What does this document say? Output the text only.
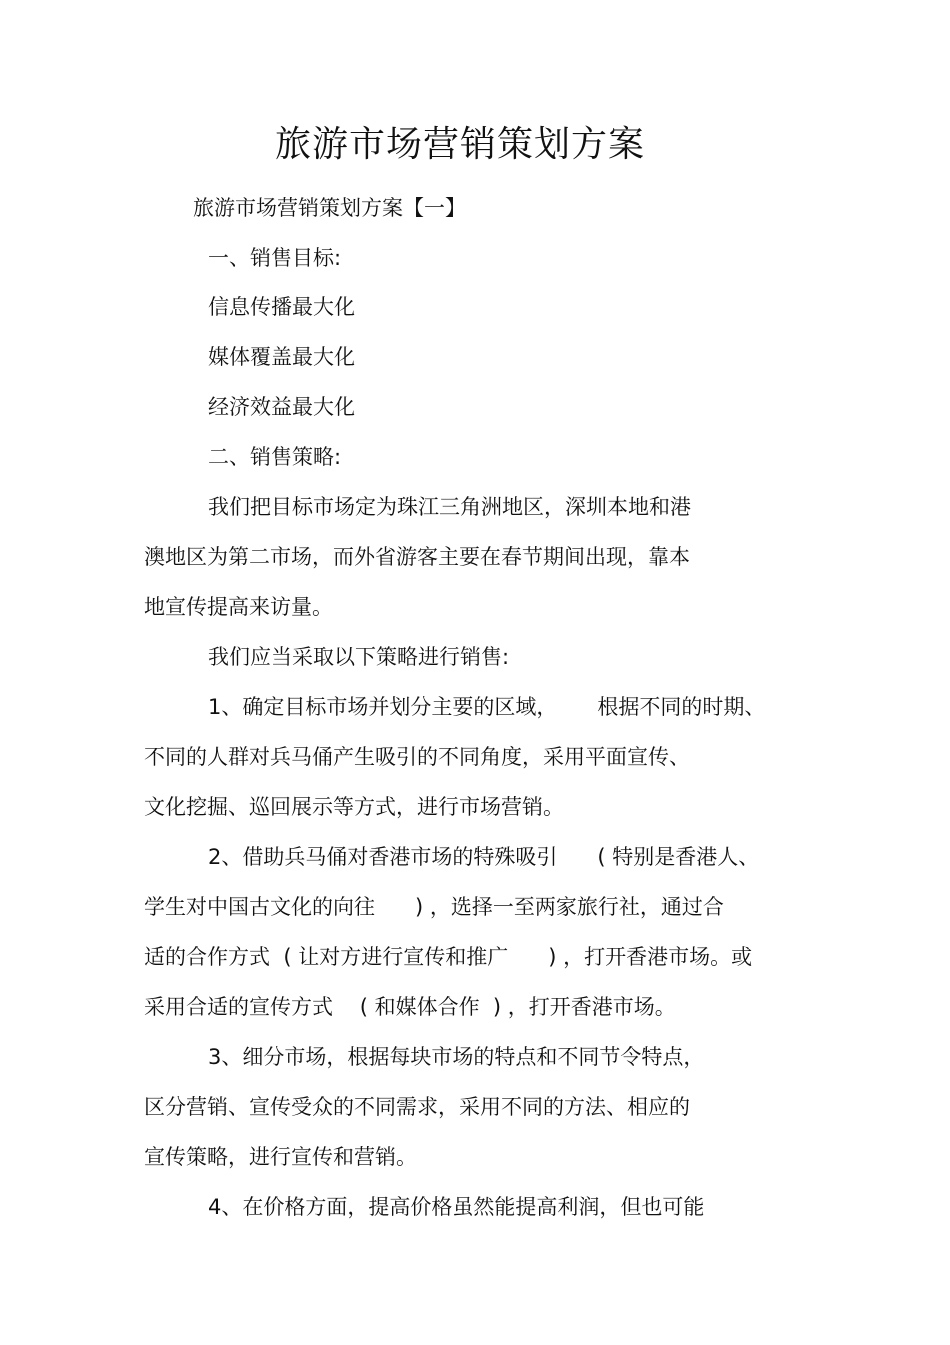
旅游市场营销策划方案
旅游市场营销策划方案【一】
一、销售目标:
信息传播最大化
媒体覆盖最大化
经济效益最大化
二、销售策略:
我们把目标市场定为珠江三角洲地区，深圳本地和港
澳地区为第二市场，而外省游客主要在春节期间出现，靠本
地宣传提高来访量。
我们应当采取以下策略进行销售:
1、确定目标市场并划分主要的区域，      根据不同的时期、
不同的人群对兵马俑产生吸引的不同角度，采用平面宣传、
文化挖掘、巡回展示等方式，进行市场营销。
2、借助兵马俑对香港市场的特殊吸引      ( 特别是香港人、
学生对中国古文化的向往      ) ，选择一至两家旅行社，通过合
适的合作方式  ( 让对方进行宣传和推广      ) ，打开香港市场。或
采用合适的宣传方式    ( 和媒体合作  ) ，打开香港市场。
3、细分市场，根据每块市场的特点和不同节令特点，
区分营销、宣传受众的不同需求，采用不同的方法、相应的
宣传策略，进行宣传和营销。
4、在价格方面，提高价格虽然能提高利润，但也可能
